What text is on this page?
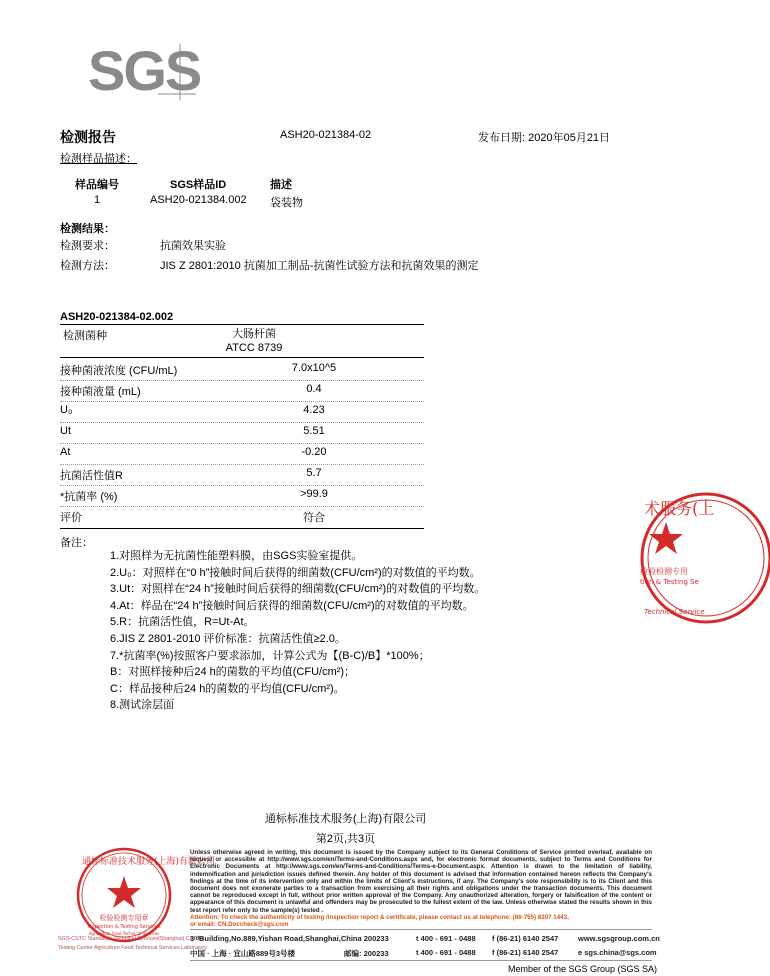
SGS
检测报告	ASH20-021384-02	发布日期: 2020年05月21日
检测样品描述：
样品编号	SGS样品ID	描述
1	ASH20-021384.002 袋装物
检测结果：
检测要求：	抗菌效果实验
检测方法：	JIS Z 2801:2010 抗菌加工制品-抗菌性试验方法和抗菌效果的测定
ASH20-021384-02.002
检测菌种	大肠杆菌
ATCC 8739
接种菌液浓度 (CFU/mL)	7.0x10^5
接种菌液量 (mL)	0.4
U₀	4.23
Ut	5.51
At	-0.20
抗菌活性值R	5.7
*抗菌率 (%)	>99.9
评价	符合
备注：
1.对照样为无抗菌性能塑料膜，由SGS实验室提供。
2.U₀：对照样在“0 h”接触时间后获得的细菌数(CFU/cm²)的对数值的平均数。
3.Ut：对照样在“24 h”接触时间后获得的细菌数(CFU/cm²)的对数值的平均数。
4.At：样品在“24 h”接触时间后获得的细菌数(CFU/cm²)的对数值的平均数。
5.R：抗菌活性值，R=Ut-At。
6.JIS Z 2801-2010 评价标准：抗菌活性值≥2.0。
7.*抗菌率(%)按照客户要求添加，计算公式为【(B-C)/B】*100%；
B：对照样接种后24 h的菌数的平均值(CFU/cm²)；
C：样品接种后24 h的菌数的平均值(CFU/cm²)。
8.测试涂层面
术服务(上
检验检测专用
tion & Testing Se
Technical Service
通标标准技术服务(上海)有限公司
第2页,共3页
通标标准技术服务(上海)有限公司
检验检测专用章
Inspection & Testing Services
Agriculture Food Technical Services
SGS-CSTC Standards Technical Services(Shanghai) Co.,Ltd.
Testing Center Agriculture Food Technical Services Laboratory
Unless otherwise agreed in writing, this document is issued by the Company subject to its General Conditions of Service printed overleaf, available on request or accessible at http://www.sgs.com/en/Terms-and-Conditions.aspx and, for electronic format documents, subject to Terms and Conditions for Electronic Documents at http://www.sgs.com/en/Terms-and-Conditions/Terms-e-Document.aspx. Attention is drawn to the limitation of liability, indemnification and jurisdiction issues defined therein. Any holder of this document is advised that information contained hereon reflects the Company's findings at the time of its intervention only and within the limits of Client's instructions, if any. The Company's sole responsibility is to its Client and this document does not exonerate parties to a transaction from exercising all their rights and obligations under the transaction documents. This document cannot be reproduced except in full, without prior written approval of the Company. Any unauthorized alteration, forgery or falsification of the content or appearance of this document is unlawful and offenders may be prosecuted to the fullest extent of the law. Unless otherwise stated the results shown in this test report refer only to the sample(s) tested .
Attention: To check the authenticity of testing /inspection report & certificate, please contact us at telephone: (86-755) 8307 1443,
or email: CN.Doccheck@sgs.com
3ʳᵈBuilding,No.889,Yishan Road,Shanghai,China 200233	t 400 - 691 - 0488 f (86-21) 6140 2547	www.sgsgroup.com.cn
中国 · 上海 · 宜山路889号3号楼	邮编: 200233	t 400 - 691 - 0488 f (86-21) 6140 2547	e sgs.china@sgs.com
Member of the SGS Group (SGS SA)
